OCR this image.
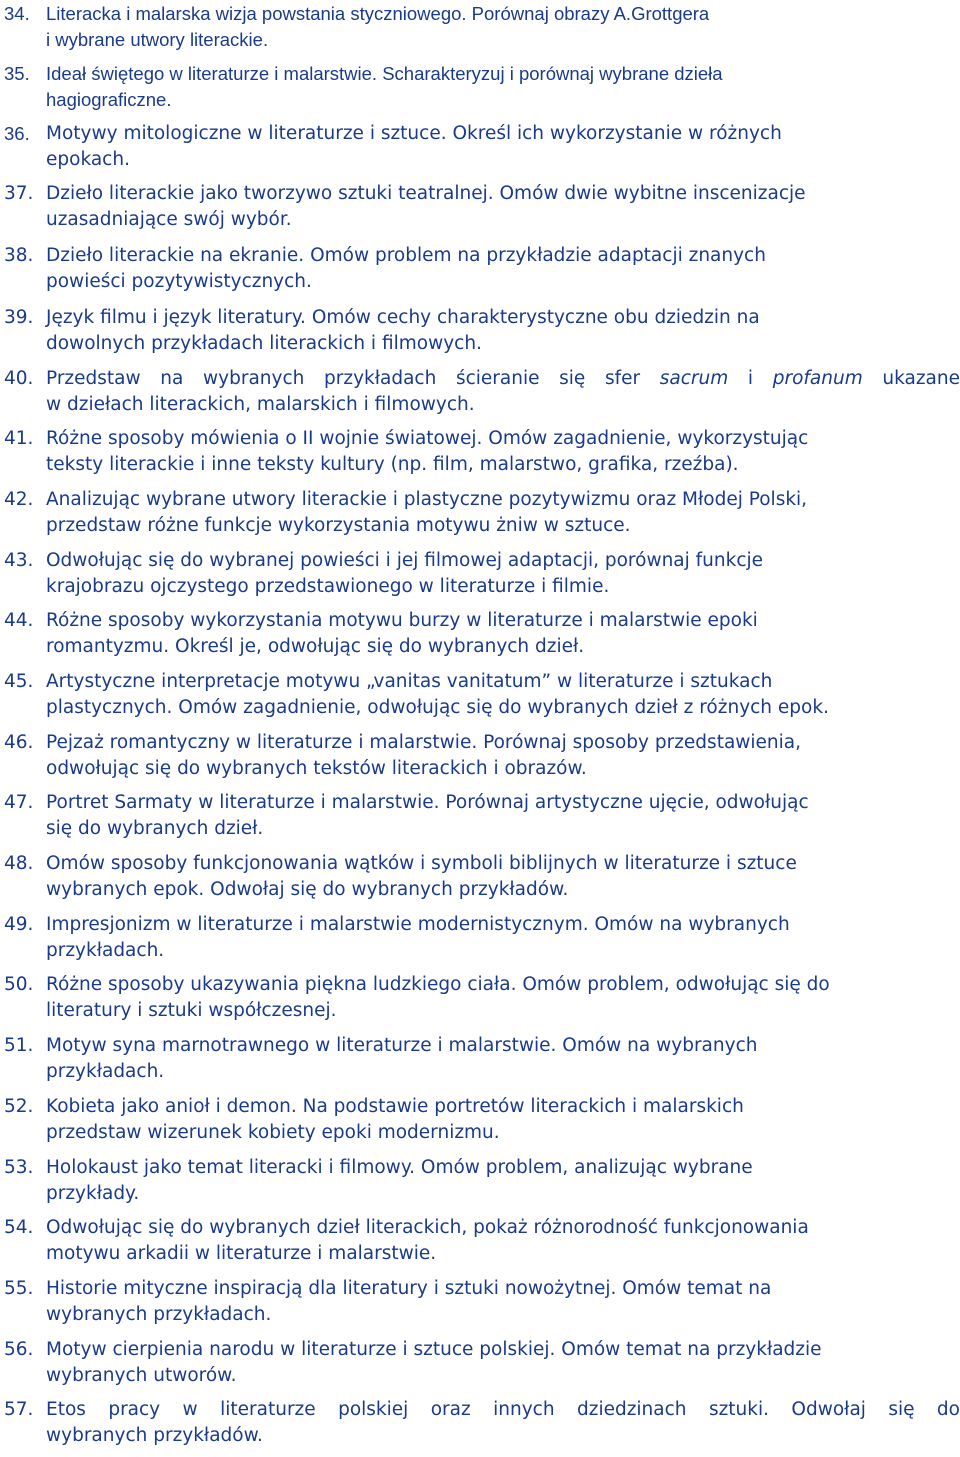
34. Literacka i malarska wizja powstania styczniowego. Porównaj obrazy A.Grottgera
i wybrane utwory literackie.
35. Ideał świętego w literaturze i malarstwie. Scharakteryzuj i porównaj wybrane dzieła
hagiograficzne.
36. Motywy mitologiczne w literaturze i sztuce. Określ ich wykorzystanie w różnych
epokach.
37. Dzieło literackie jako tworzywo sztuki teatralnej. Omów dwie wybitne inscenizacje
uzasadniające swój wybór.
38. Dzieło literackie na ekranie. Omów problem na przykładzie adaptacji znanych
powieści pozytywistycznych.
39. Język filmu i język literatury. Omów cechy charakterystyczne obu dziedzin na
dowolnych przykładach literackich i filmowych.
40. Przedstaw na wybranych przykładach ścieranie się sfer sacrum i profanum ukazane
w dziełach literackich, malarskich i filmowych.
41. Różne sposoby mówienia o II wojnie światowej. Omów zagadnienie, wykorzystując
teksty literackie i inne teksty kultury (np. film, malarstwo, grafika, rzeźba).
42. Analizując wybrane utwory literackie i plastyczne pozytywizmu oraz Młodej Polski,
przedstaw różne funkcje wykorzystania motywu żniw w sztuce.
43. Odwołując się do wybranej powieści i jej filmowej adaptacji, porównaj funkcje
krajobrazu ojczystego przedstawionego w literaturze i filmie.
44. Różne sposoby wykorzystania motywu burzy w literaturze i malarstwie epoki
romantyzmu. Określ je, odwołując się do wybranych dzieł.
45. Artystyczne interpretacje motywu „vanitas vanitatum” w literaturze i sztukach
plastycznych. Omów zagadnienie, odwołując się do wybranych dzieł z różnych epok.
46. Pejzaż romantyczny w literaturze i malarstwie. Porównaj sposoby przedstawienia,
odwołując się do wybranych tekstów literackich i obrazów.
47. Portret Sarmaty w literaturze i malarstwie. Porównaj artystyczne ujęcie, odwołując
się do wybranych dzieł.
48. Omów sposoby funkcjonowania wątków i symboli biblijnych w literaturze i sztuce
wybranych epok. Odwołaj się do wybranych przykładów.
49. Impresjonizm w literaturze i malarstwie modernistycznym. Omów na wybranych
przykładach.
50. Różne sposoby ukazywania piękna ludzkiego ciała. Omów problem, odwołując się do
literatury i sztuki współczesnej.
51. Motyw syna marnotrawnego w literaturze i malarstwie. Omów na wybranych
przykładach.
52. Kobieta jako anioł i demon. Na podstawie portretów literackich i malarskich
przedstaw wizerunek kobiety epoki modernizmu.
53. Holokaust jako temat literacki i filmowy. Omów problem, analizując wybrane
przykłady.
54. Odwołując się do wybranych dzieł literackich, pokaż różnorodność funkcjonowania
motywu arkadii w literaturze i malarstwie.
55. Historie mityczne inspiracją dla literatury i sztuki nowożytnej. Omów temat na
wybranych przykładach.
56. Motyw cierpienia narodu w literaturze i sztuce polskiej. Omów temat na przykładzie
wybranych utworów.
57. Etos pracy w literaturze polskiej oraz innych dziedzinach sztuki. Odwołaj się do
wybranych przykładów.
